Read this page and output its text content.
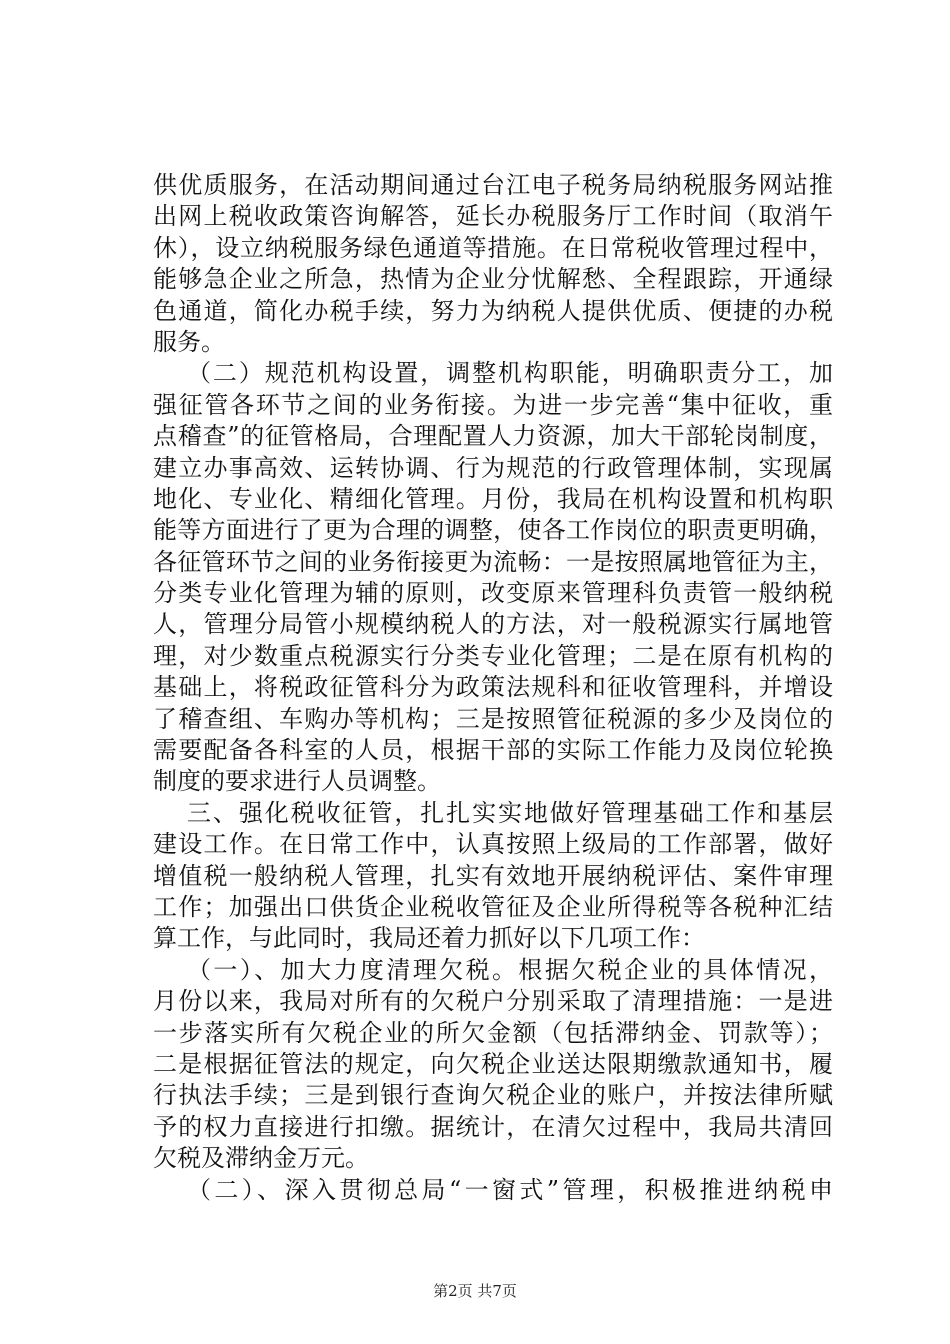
供优质服务，在活动期间通过台江电子税务局纳税服务网站推
出网上税收政策咨询解答，延长办税服务厅工作时间（取消午
休），设立纳税服务绿色通道等措施。在日常税收管理过程中，
能够急企业之所急，热情为企业分忧解愁、全程跟踪，开通绿
色通道，简化办税手续，努力为纳税人提供优质、便捷的办税
服务。
（二）规范机构设置，调整机构职能，明确职责分工，加
强征管各环节之间的业务衔接。为进一步完善“集中征收，重
点稽查”的征管格局，合理配置人力资源，加大干部轮岗制度，
建立办事高效、运转协调、行为规范的行政管理体制，实现属
地化、专业化、精细化管理。月份，我局在机构设置和机构职
能等方面进行了更为合理的调整，使各工作岗位的职责更明确，
各征管环节之间的业务衔接更为流畅：一是按照属地管征为主，
分类专业化管理为辅的原则，改变原来管理科负责管一般纳税
人，管理分局管小规模纳税人的方法，对一般税源实行属地管
理，对少数重点税源实行分类专业化管理；二是在原有机构的
基础上，将税政征管科分为政策法规科和征收管理科，并增设
了稽查组、车购办等机构；三是按照管征税源的多少及岗位的
需要配备各科室的人员，根据干部的实际工作能力及岗位轮换
制度的要求进行人员调整。
三、强化税收征管，扎扎实实地做好管理基础工作和基层
建设工作。在日常工作中，认真按照上级局的工作部署，做好
增值税一般纳税人管理，扎实有效地开展纳税评估、案件审理
工作；加强出口供货企业税收管征及企业所得税等各税种汇结
算工作，与此同时，我局还着力抓好以下几项工作：
（一）、加大力度清理欠税。根据欠税企业的具体情况，
月份以来，我局对所有的欠税户分别采取了清理措施：一是进
一步落实所有欠税企业的所欠金额（包括滞纳金、罚款等）；
二是根据征管法的规定，向欠税企业送达限期缴款通知书，履
行执法手续；三是到银行查询欠税企业的账户，并按法律所赋
予的权力直接进行扣缴。据统计，在清欠过程中，我局共清回
欠税及滞纳金万元。
（二）、深入贯彻总局“一窗式”管理，积极推进纳税申
第2页 共7页
